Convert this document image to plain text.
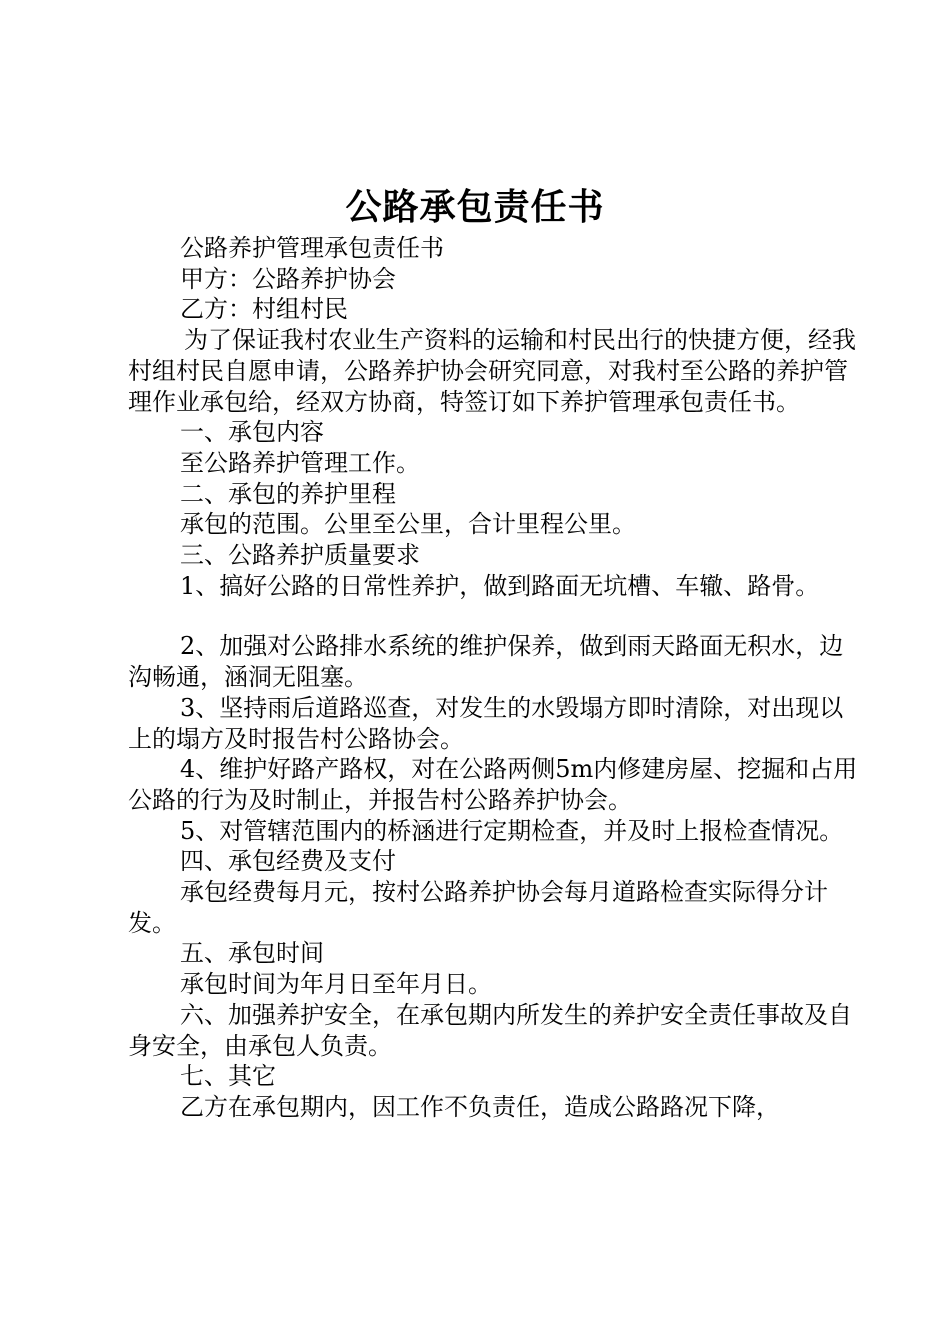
公路承包责任书

公路养护管理承包责任书

甲方：公路养护协会

乙方：村组村民

为了保证我村农业生产资料的运输和村民出行的快捷方便，经我村组村民自愿申请，公路养护协会研究同意，对我村至公路的养护管理作业承包给，经双方协商，特签订如下养护管理承包责任书。

一、承包内容

至公路养护管理工作。

二、承包的养护里程

承包的范围。公里至公里，合计里程公里。

三、公路养护质量要求

1、搞好公路的日常性养护，做到路面无坑槽、车辙、路骨。

2、加强对公路排水系统的维护保养，做到雨天路面无积水，边沟畅通，涵洞无阻塞。

3、坚持雨后道路巡查，对发生的水毁塌方即时清除，对出现以上的塌方及时报告村公路协会。

4、维护好路产路权，对在公路两侧5m内修建房屋、挖掘和占用公路的行为及时制止，并报告村公路养护协会。

5、对管辖范围内的桥涵进行定期检查，并及时上报检查情况。

四、承包经费及支付

承包经费每月元，按村公路养护协会每月道路检查实际得分计发。

五、承包时间

承包时间为年月日至年月日。

六、加强养护安全，在承包期内所发生的养护安全责任事故及自身安全，由承包人负责。

七、其它

乙方在承包期内，因工作不负责任，造成公路路况下降，
